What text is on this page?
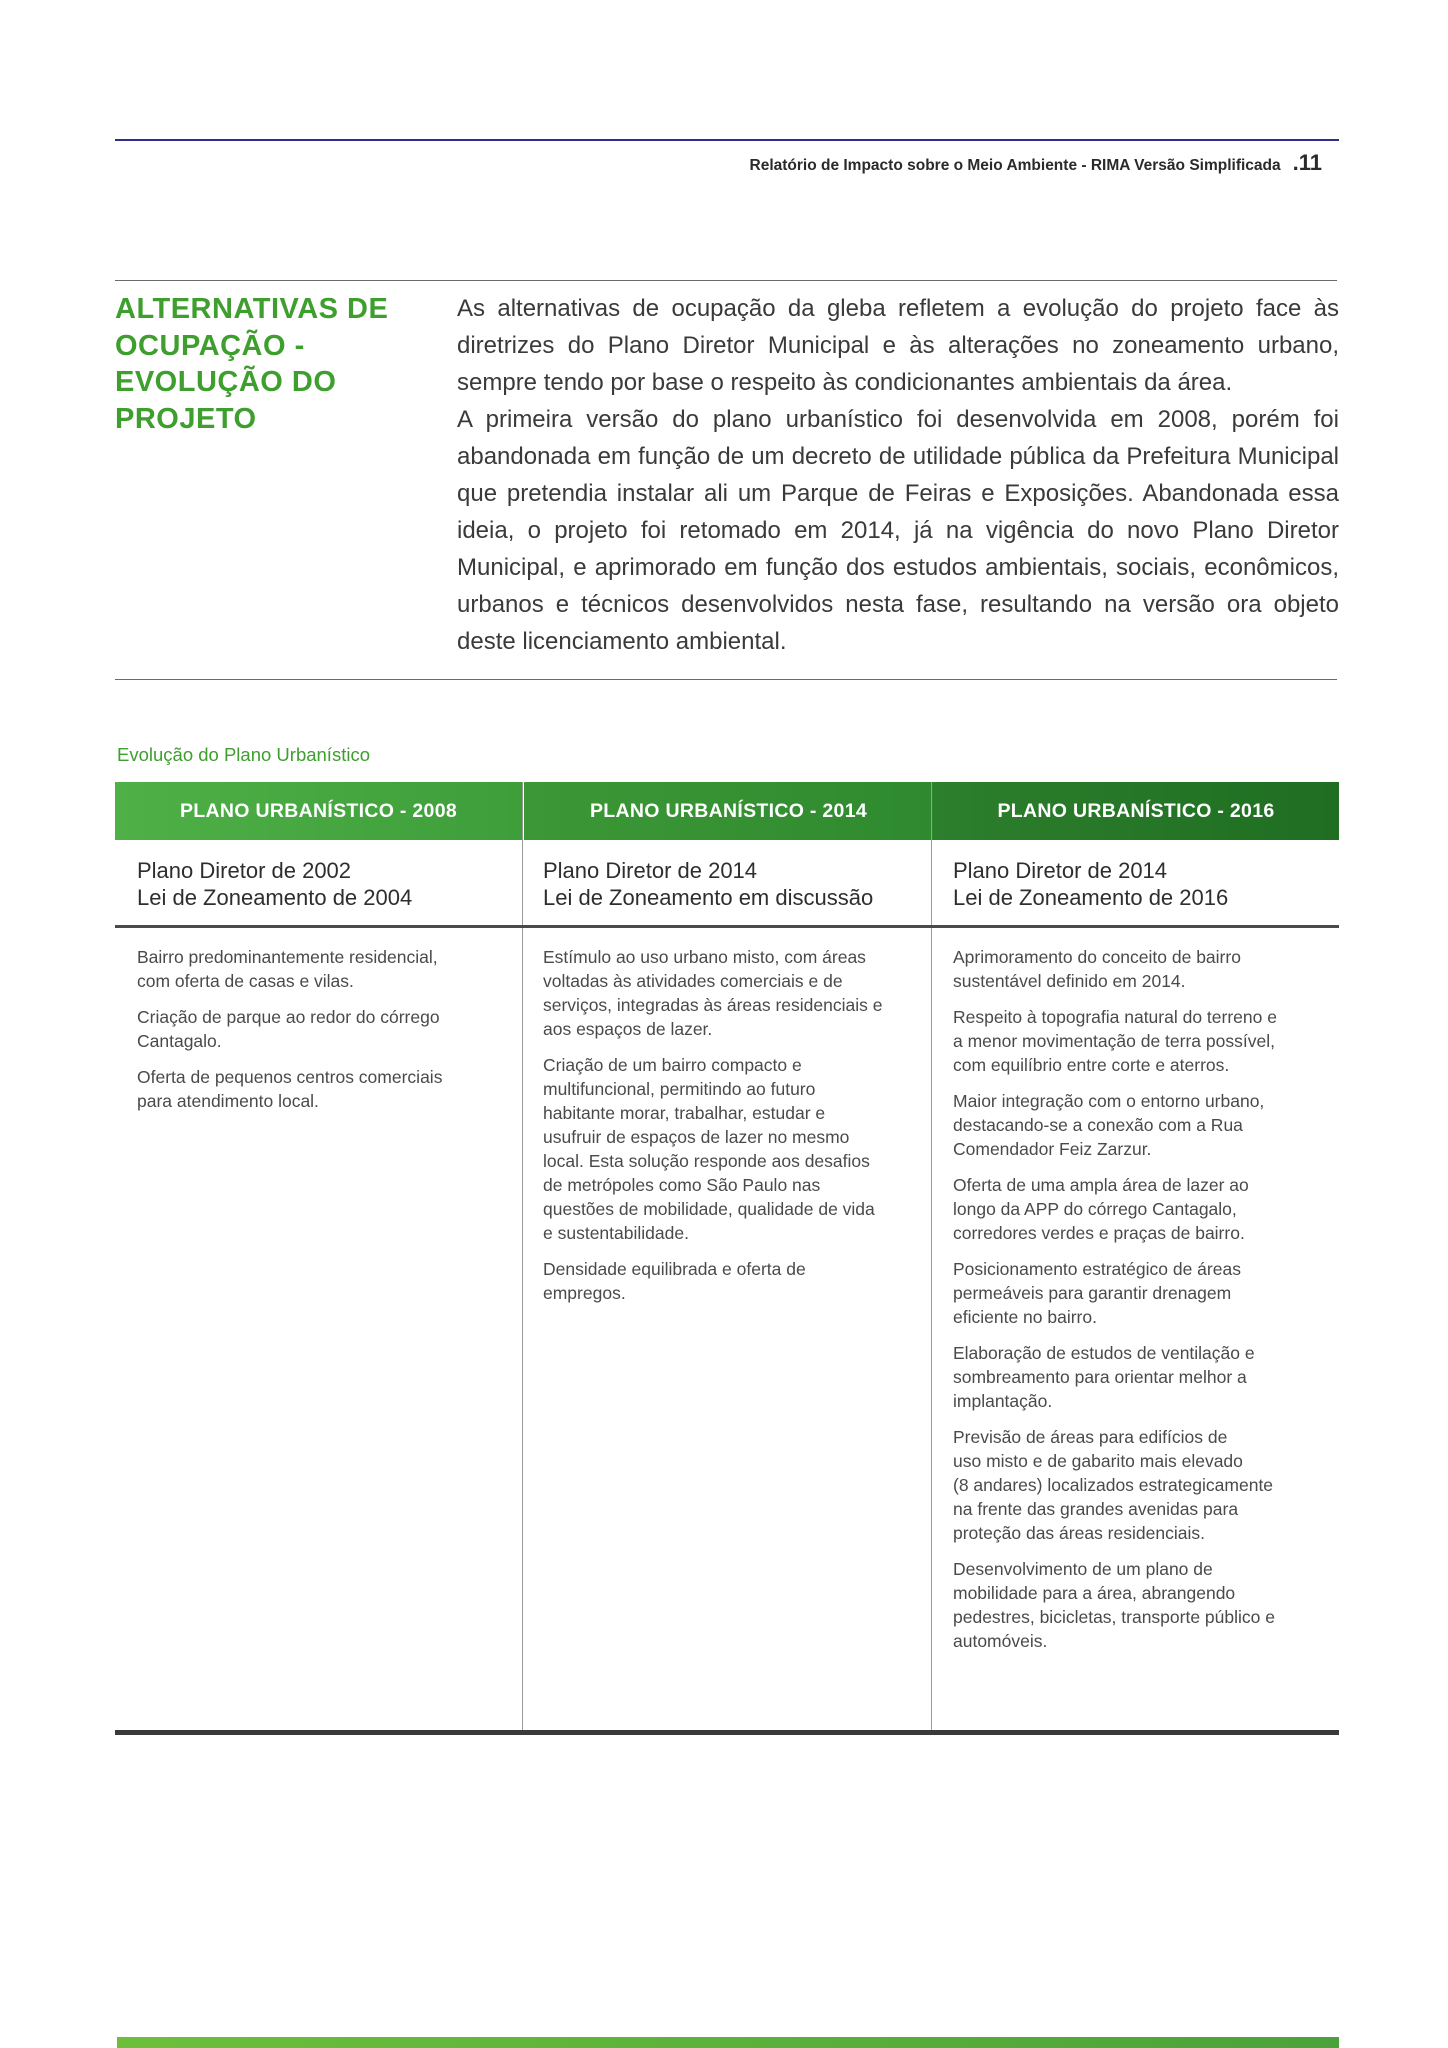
Relatório de Impacto sobre o Meio Ambiente - RIMA Versão Simplificada .11
ALTERNATIVAS DE
OCUPAÇÃO -
EVOLUÇÃO DO
PROJETO

As alternativas de ocupação da gleba refletem a evolução do projeto face às diretrizes do Plano Diretor Municipal e às alterações no zoneamento urbano, sempre tendo por base o respeito às condicionantes ambientais da área.

A primeira versão do plano urbanístico foi desenvolvida em 2008, porém foi abandonada em função de um decreto de utilidade pública da Prefeitura Municipal que pretendia instalar ali um Parque de Feiras e Exposições. Abandonada essa ideia, o projeto foi retomado em 2014, já na vigência do novo Plano Diretor Municipal, e aprimorado em função dos estudos ambientais, sociais, econômicos, urbanos e técnicos desenvolvidos nesta fase, resultando na versão ora objeto deste licenciamento ambiental.

Evolução do Plano Urbanístico
PLANO URBANÍSTICO - 2008	PLANO URBANÍSTICO - 2014	PLANO URBANÍSTICO - 2016
Plano Diretor de 2002
Lei de Zoneamento de 2004
Plano Diretor de 2014
Lei de Zoneamento em discussão
Plano Diretor de 2014
Lei de Zoneamento de 2016

Bairro predominantemente residencial,
com oferta de casas e vilas.

Criação de parque ao redor do córrego
Cantagalo.

Oferta de pequenos centros comerciais
para atendimento local.

Estímulo ao uso urbano misto, com áreas
voltadas às atividades comerciais e de
serviços, integradas às áreas residenciais e
aos espaços de lazer.

Criação de um bairro compacto e
multifuncional, permitindo ao futuro
habitante morar, trabalhar, estudar e
usufruir de espaços de lazer no mesmo
local. Esta solução responde aos desafios
de metrópoles como São Paulo nas
questões de mobilidade, qualidade de vida
e sustentabilidade.

Densidade equilibrada e oferta de
empregos.

Aprimoramento do conceito de bairro
sustentável definido em 2014.

Respeito à topografia natural do terreno e
a menor movimentação de terra possível,
com equilíbrio entre corte e aterros.

Maior integração com o entorno urbano,
destacando-se a conexão com a Rua
Comendador Feiz Zarzur.

Oferta de uma ampla área de lazer ao
longo da APP do córrego Cantagalo,
corredores verdes e praças de bairro.

Posicionamento estratégico de áreas
permeáveis para garantir drenagem
eficiente no bairro.

Elaboração de estudos de ventilação e
sombreamento para orientar melhor a
implantação.

Previsão de áreas para edifícios de
uso misto e de gabarito mais elevado
(8 andares) localizados estrategicamente
na frente das grandes avenidas para
proteção das áreas residenciais.

Desenvolvimento de um plano de
mobilidade para a área, abrangendo
pedestres, bicicletas, transporte público e
automóveis.
